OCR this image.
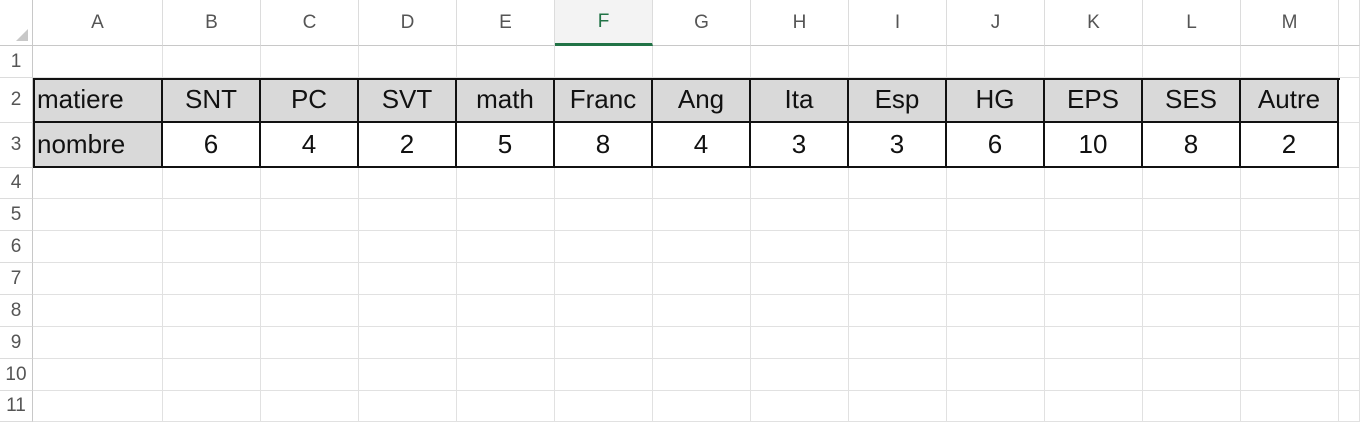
A	B	C	D	E	F	G	H	I	J	K	L	M
1
2
3
4
5
6
7
8
9
10
11
matiere	SNT	PC	SVT	math	Franc	Ang	Ita	Esp	HG	EPS	SES	Autre
nombre	6	4	2	5	8	4	3	3	6	10	8	2
